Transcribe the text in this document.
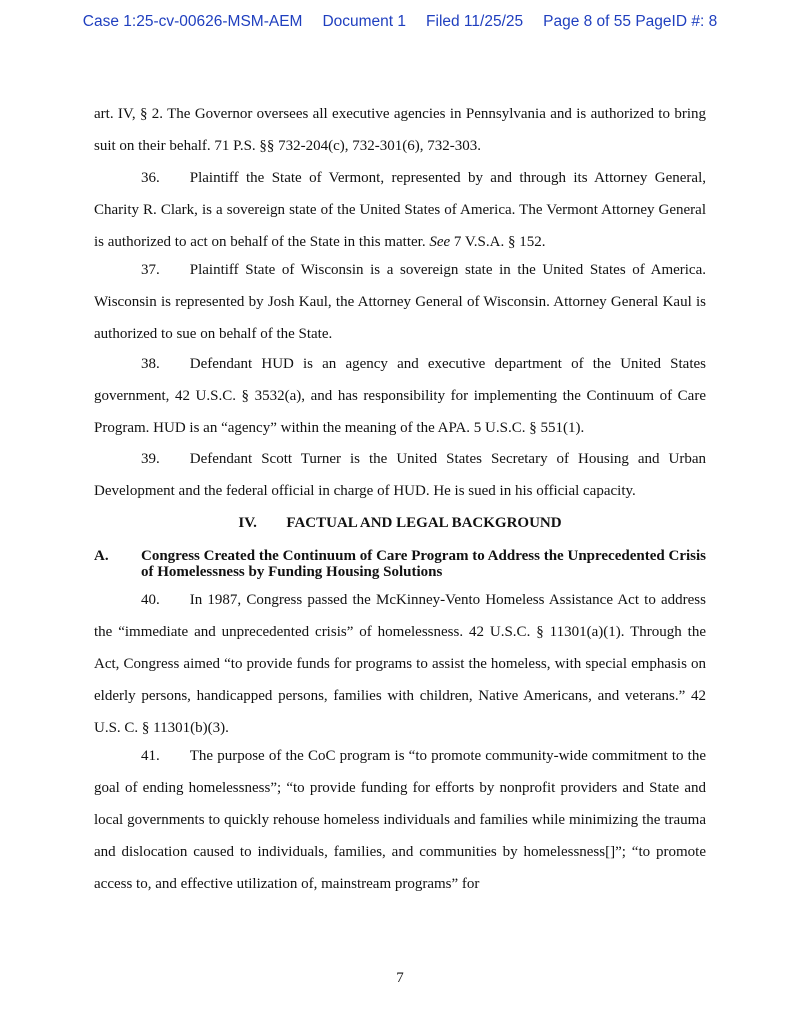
Case 1:25-cv-00626-MSM-AEM Document 1 Filed 11/25/25 Page 8 of 55 PageID #: 8

art. IV, § 2. The Governor oversees all executive agencies in Pennsylvania and is authorized to bring suit on their behalf. 71 P.S. §§ 732-204(c), 732-301(6), 732-303.

36.  Plaintiff the State of Vermont, represented by and through its Attorney General, Charity R. Clark, is a sovereign state of the United States of America. The Vermont Attorney General is authorized to act on behalf of the State in this matter. See 7 V.S.A. § 152.

37.  Plaintiff State of Wisconsin is a sovereign state in the United States of America. Wisconsin is represented by Josh Kaul, the Attorney General of Wisconsin. Attorney General Kaul is authorized to sue on behalf of the State.

38.  Defendant HUD is an agency and executive department of the United States government, 42 U.S.C. § 3532(a), and has responsibility for implementing the Continuum of Care Program. HUD is an “agency” within the meaning of the APA. 5 U.S.C. § 551(1).

39.  Defendant Scott Turner is the United States Secretary of Housing and Urban Development and the federal official in charge of HUD. He is sued in his official capacity.

IV. FACTUAL AND LEGAL BACKGROUND
A. Congress Created the Continuum of Care Program to Address the Unprecedented Crisis of Homelessness by Funding Housing Solutions

40.  In 1987, Congress passed the McKinney-Vento Homeless Assistance Act to address the “immediate and unprecedented crisis” of homelessness. 42 U.S.C. § 11301(a)(1). Through the Act, Congress aimed “to provide funds for programs to assist the homeless, with special emphasis on elderly persons, handicapped persons, families with children, Native Americans, and veterans.” 42 U.S. C. § 11301(b)(3).

41.  The purpose of the CoC program is “to promote community-wide commitment to the goal of ending homelessness”; “to provide funding for efforts by nonprofit providers and State and local governments to quickly rehouse homeless individuals and families while minimizing the trauma and dislocation caused to individuals, families, and communities by homelessness[]”; “to promote access to, and effective utilization of, mainstream programs” for

7
